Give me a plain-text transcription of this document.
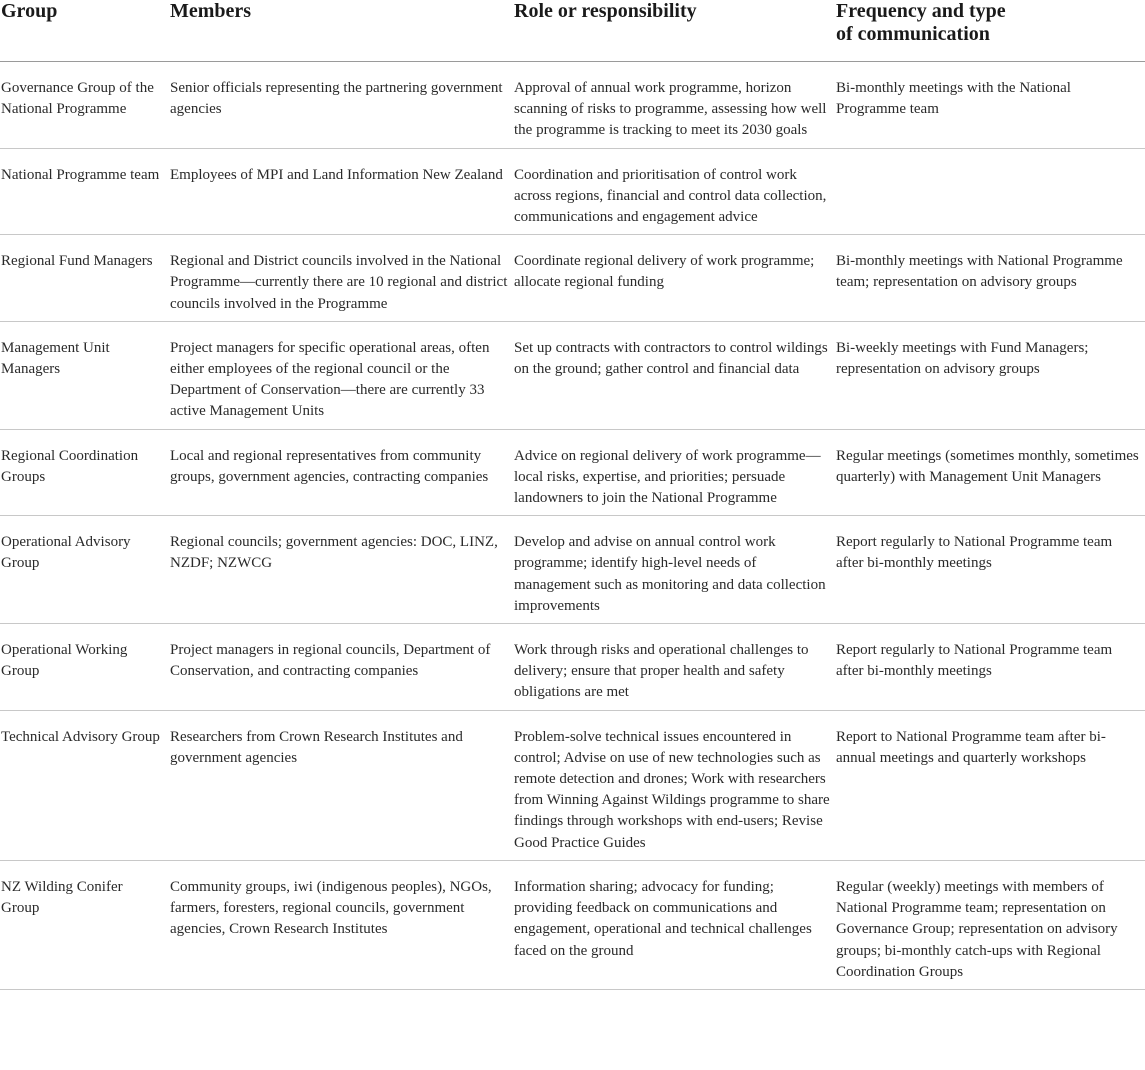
Group	Members	Role or responsibility	Frequency and type
of communication
Governance Group of the National Programme	Senior officials representing the partnering government agencies	Approval of annual work programme, horizon scanning of risks to programme, assessing how well the programme is tracking to meet its 2030 goals	Bi-monthly meetings with the National Programme team
National Programme team	Employees of MPI and Land Information New Zealand	Coordination and prioritisation of control work across regions, financial and control data collection, communications and engagement advice	
Regional Fund Managers	Regional and District councils involved in the National Programme—currently there are 10 regional and district councils involved in the Programme	Coordinate regional delivery of work programme; allocate regional funding	Bi-monthly meetings with National Programme team; representation on advisory groups
Management Unit Managers	Project managers for specific operational areas, often either employees of the regional council or the Department of Conservation—there are currently 33 active Management Units	Set up contracts with contractors to control wildings on the ground; gather control and financial data	Bi-weekly meetings with Fund Managers; representation on advisory groups
Regional Coordination Groups	Local and regional representatives from community groups, government agencies, contracting companies	Advice on regional delivery of work programme—local risks, expertise, and priorities; persuade landowners to join the National Programme	Regular meetings (sometimes monthly, sometimes quarterly) with Management Unit Managers
Operational Advisory Group	Regional councils; government agencies: DOC, LINZ, NZDF; NZWCG	Develop and advise on annual control work programme; identify high-level needs of management such as monitoring and data collection improvements	Report regularly to National Programme team after bi-monthly meetings
Operational Working Group	Project managers in regional councils, Department of Conservation, and contracting companies	Work through risks and operational challenges to delivery; ensure that proper health and safety obligations are met	Report regularly to National Programme team after bi-monthly meetings
Technical Advisory Group	Researchers from Crown Research Institutes and government agencies	Problem-solve technical issues encountered in control; Advise on use of new technologies such as remote detection and drones; Work with researchers from Winning Against Wildings programme to share findings through workshops with end-users; Revise Good Practice Guides	Report to National Programme team after bi-annual meetings and quarterly workshops
NZ Wilding Conifer Group	Community groups, iwi (indigenous peoples), NGOs, farmers, foresters, regional councils, government agencies, Crown Research Institutes	Information sharing; advocacy for funding; providing feedback on communications and engagement, operational and technical challenges faced on the ground	Regular (weekly) meetings with members of National Programme team; representation on Governance Group; representation on advisory groups; bi-monthly catch-ups with Regional Coordination Groups
